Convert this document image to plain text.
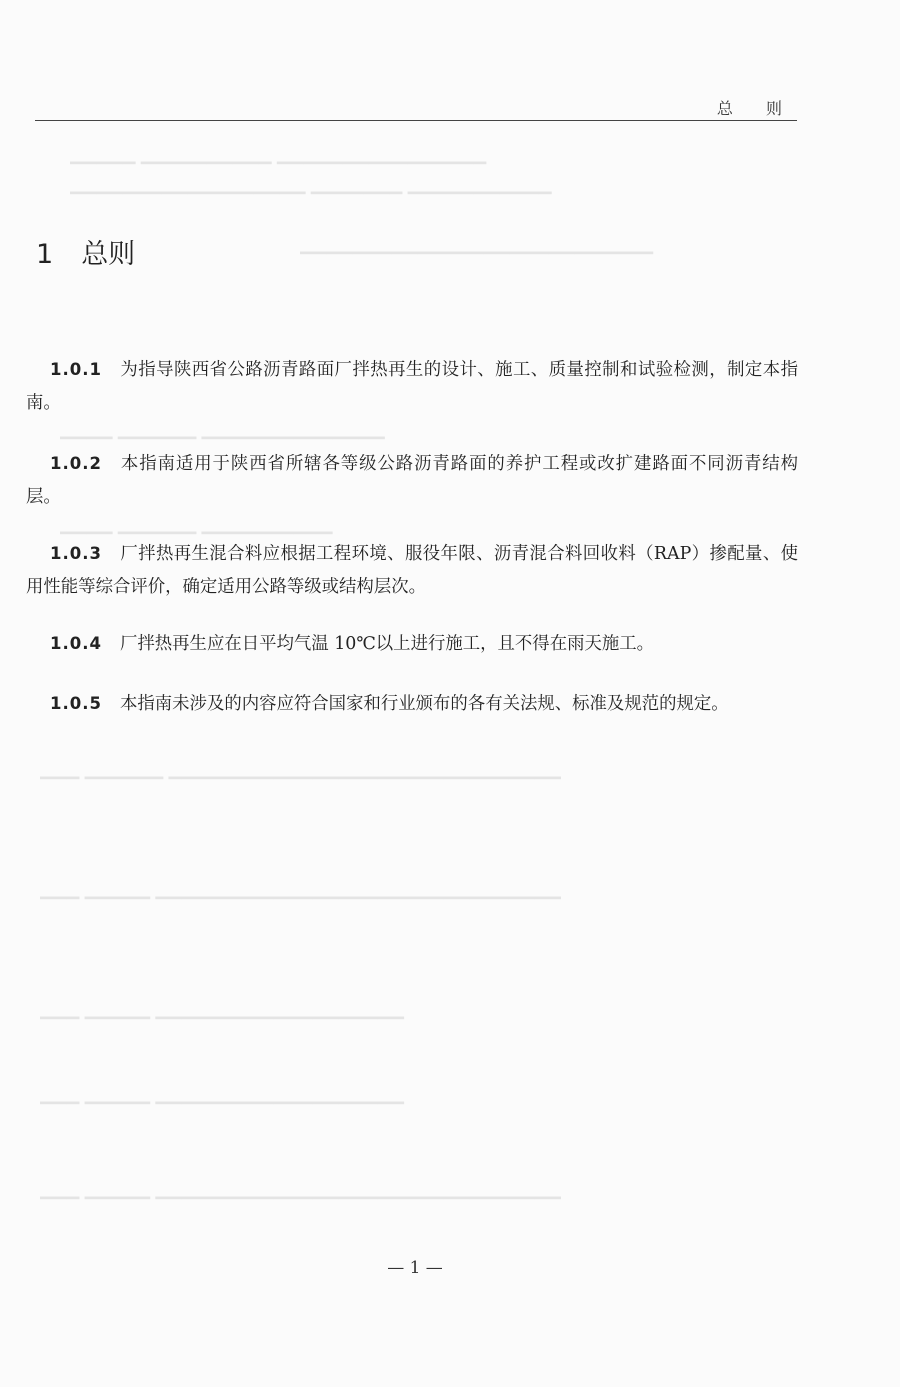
▁▁▁▁▁ ▁▁▁▁▁▁▁▁▁▁ ▁▁▁▁▁▁▁▁▁▁▁▁▁▁▁▁
▁▁▁▁▁▁▁▁▁▁▁▁▁▁▁▁▁▁ ▁▁▁▁▁▁▁ ▁▁▁▁▁▁▁▁▁▁▁
▁▁▁▁▁▁▁▁▁▁▁▁▁▁▁▁▁▁▁▁▁▁▁▁▁▁▁
▁▁▁▁ ▁▁▁▁▁▁ ▁▁▁▁▁▁▁▁▁▁▁▁▁▁
▁▁▁▁ ▁▁▁▁▁▁ ▁▁▁▁▁▁▁▁▁▁
▁▁▁ ▁▁▁▁▁▁ ▁▁▁▁▁▁▁▁▁▁▁▁▁▁▁▁▁▁▁▁▁▁▁▁▁▁▁▁▁▁
▁▁▁ ▁▁▁▁▁ ▁▁▁▁▁▁▁▁▁▁▁▁▁▁▁▁▁▁▁▁▁▁▁▁▁▁▁▁▁▁▁
▁▁▁ ▁▁▁▁▁ ▁▁▁▁▁▁▁▁▁▁▁▁▁▁▁▁▁▁▁
▁▁▁ ▁▁▁▁▁ ▁▁▁▁▁▁▁▁▁▁▁▁▁▁▁▁▁▁▁
▁▁▁ ▁▁▁▁▁ ▁▁▁▁▁▁▁▁▁▁▁▁▁▁▁▁▁▁▁▁▁▁▁▁▁▁▁▁▁▁▁
总 则
1 总则
1.0.1 为指导陕西省公路沥青路面厂拌热再生的设计、施工、质量控制和试验检测，制定本指南。
1.0.2 本指南适用于陕西省所辖各等级公路沥青路面的养护工程或改扩建路面不同沥青结构层。
1.0.3 厂拌热再生混合料应根据工程环境、服役年限、沥青混合料回收料（RAP）掺配量、使用性能等综合评价，确定适用公路等级或结构层次。
1.0.4 厂拌热再生应在日平均气温 10℃以上进行施工，且不得在雨天施工。
1.0.5 本指南未涉及的内容应符合国家和行业颁布的各有关法规、标准及规范的规定。
— 1 —
